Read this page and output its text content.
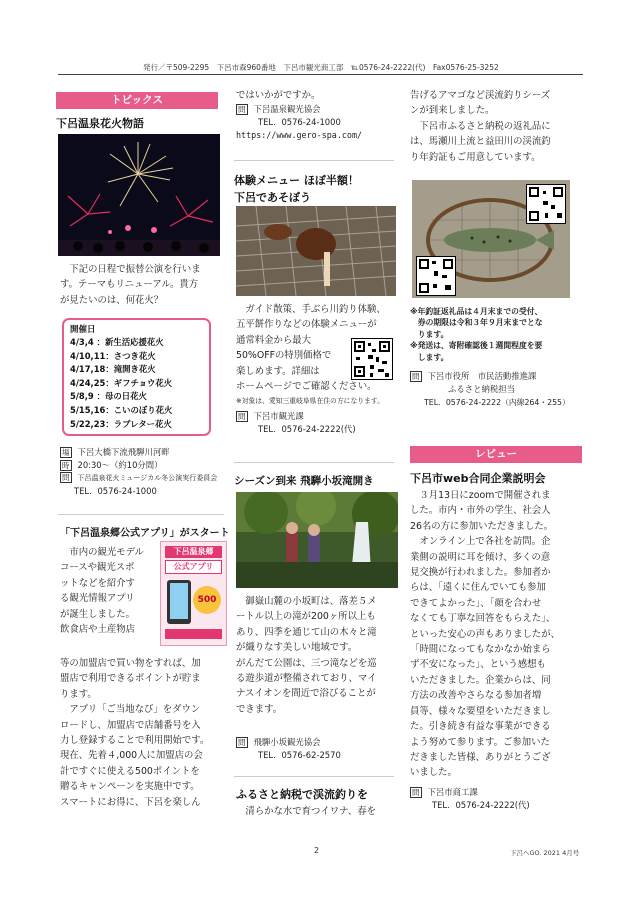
発行／〒509-2295　下呂市森960番地　下呂市観光商工部　℡0576-24-2222(代)　Fax0576-25-3252
トピックス
下呂温泉花火物語
　下記の日程で振替公演を行いま
す。テーマもリニューアル。貴方
が見たいのは、何花火？
開催日
4/3,4 ：新生活応援花火
4/10,11：さつき花火
4/17,18：滝開き花火
4/24,25：ギフチョウ花火
5/8,9 ：母の日花火
5/15,16：こいのぼり花火
5/22,23：ラブレター花火
場 下呂大橋下流飛騨川河畔
時 20:30～（約10分間）
問 下呂温泉花火ミュージカル冬公演実行委員会
TEL．0576-24-1000
「下呂温泉郷公式アプリ」がスタート
　市内の観光モデル
コースや観光スポ
ットなどを紹介す
る観光情報アプリ
が誕生しました。
飲食店や土産物店
下呂温泉郷
公式アプリ
500
等の加盟店で買い物をすれば、加
盟店で利用できるポイントが貯ま
ります。
　アプリ「ご当地なび」をダウン
ロードし、加盟店で店舗番号を入
力し登録することで利用開始です。
現在、先着４,000人に加盟店の会
計ですぐに使える500ポイントを
贈るキャンペーンを実施中です。
スマートにお得に、下呂を楽しん
ではいかがですか。
問 下呂温泉観光協会
TEL．0576-24-1000
https://www.gero-spa.com/
体験メニュー ほぼ半額！
下呂であそぼう
　ガイド散策、手ぶら川釣り体験、
五平餅作りなどの体験メニューが
通常料金から最大
50%OFFの特別価格で
楽しめます。詳細は
ホームページでご確認ください。
※対象は、愛知三重岐阜県在住の方になります。
問 下呂市観光課
TEL．0576-24-2222(代)
シーズン到来 飛騨小坂滝開き
　御嶽山麓の小坂町は、落差５メ
ートル以上の滝が200ヶ所以上も
あり、四季を通じて山の木々と滝
が織りなす美しい地域です。
がんだて公園は、三つ滝などを巡
る遊歩道が整備されており、マイ
ナスイオンを間近で浴びることが
できます。
問 飛騨小坂観光協会
TEL．0576-62-2570
ふるさと納税で渓流釣りを
　清らかな水で育つイワナ、春を
告げるアマゴなど渓流釣りシーズ
ンが到来しました。
　下呂市ふるさと納税の返礼品に
は、馬瀬川上流と益田川の渓流釣
り年釣証もご用意しています。
※年釣証返礼品は４月末までの受付、
　券の期限は令和３年９月末までとな
　ります。
※発送は、寄附確認後１週間程度を要
　します。
問 下呂市役所　市民活動推進課
ふるさと納税担当
TEL．0576-24-2222（内線264・255）
レビュー
下呂市web合同企業説明会
　３月13日にzoomで開催されま
した。市内・市外の学生、社会人
26名の方に参加いただきました。
　オンライン上で各社を訪問。企
業側の説明に耳を傾け、多くの意
見交換が行われました。参加者か
らは、「遠くに住んでいても参加
できてよかった」、「顔を合わせ
なくても丁寧な回答をもらえた」、
といった安心の声もありましたが、
「時間になってもなかなか始まら
ず不安になった」、という感想も
いただきました。企業からは、同
方法の改善やさらなる参加者増
員等、様々な要望をいただきまし
た。引き続き有益な事業ができる
よう努めて参ります。ご参加いた
だきました皆様、ありがとうござ
いました。
問 下呂市商工課
TEL．0576-24-2222(代)
2	下呂へGO. 2021 4月号
